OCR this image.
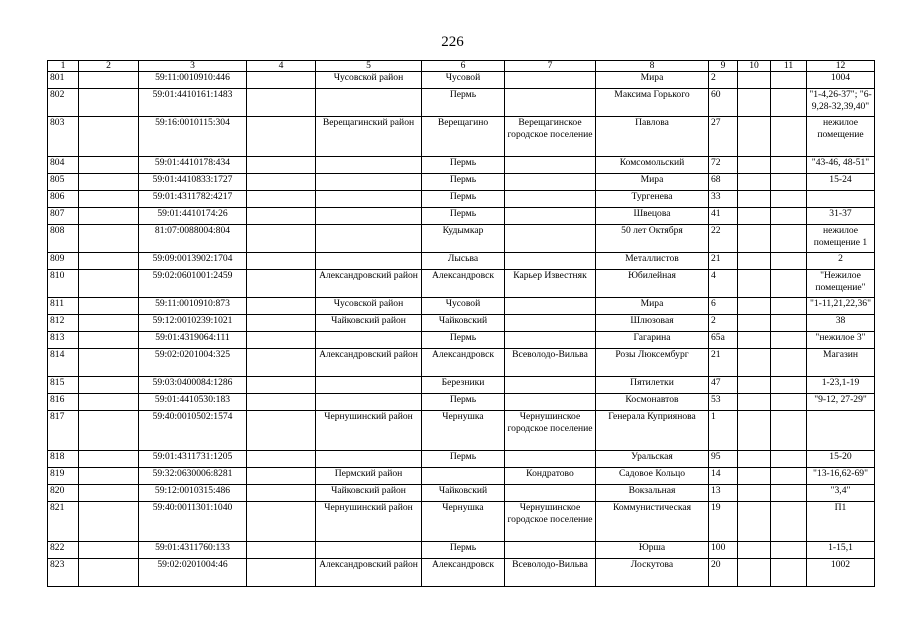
226
1	2	3	4	5	6	7	8	9	10	11	12
801		59:11:0010910:446		Чусовской район	Чусовой		Мира	2			1004
802		59:01:4410161:1483			Пермь		Максима Горького	60			"1-4,26-37"; "6-9,28-32,39,40"
803		59:16:0010115:304		Верещагинский район	Верещагино	Верещагинское городское поселение	Павлова	27			нежилое помещение
804		59:01:4410178:434			Пермь		Комсомольский	72			"43-46, 48-51"
805		59:01:4410833:1727			Пермь		Мира	68			15-24
806		59:01:4311782:4217			Пермь		Тургенева	33			
807		59:01:4410174:26			Пермь		Швецова	41			31-37
808		81:07:0088004:804			Кудымкар		50 лет Октября	22			нежилое помещение 1
809		59:09:0013902:1704			Лысьва		Металлистов	21			2
810		59:02:0601001:2459		Александровский район	Александровск	Карьер Известняк	Юбилейная	4			"Нежилое помещение"
811		59:11:0010910:873		Чусовской район	Чусовой		Мира	6			"1-11,21,22,36"
812		59:12:0010239:1021		Чайковский район	Чайковский		Шлюзовая	2			38
813		59:01:4319064:111			Пермь		Гагарина	65а			"нежилое 3"
814		59:02:0201004:325		Александровский район	Александровск	Всеволодо-Вильва	Розы Люксембург	21			Магазин
815		59:03:0400084:1286			Березники		Пятилетки	47			1-23,1-19
816		59:01:4410530:183			Пермь		Космонавтов	53			"9-12, 27-29"
817		59:40:0010502:1574		Чернушинский район	Чернушка	Чернушинское городское поселение	Генерала Куприянова	1			
818		59:01:4311731:1205			Пермь		Уральская	95			15-20
819		59:32:0630006:8281		Пермский район		Кондратово	Садовое Кольцо	14			"13-16,62-69"
820		59:12:0010315:486		Чайковский район	Чайковский		Вокзальная	13			"3,4"
821		59:40:0011301:1040		Чернушинский район	Чернушка	Чернушинское городское поселение	Коммунистическая	19			П1
822		59:01:4311760:133			Пермь		Юрша	100			1-15,1
823		59:02:0201004:46		Александровский район	Александровск	Всеволодо-Вильва	Лоскутова	20			1002
